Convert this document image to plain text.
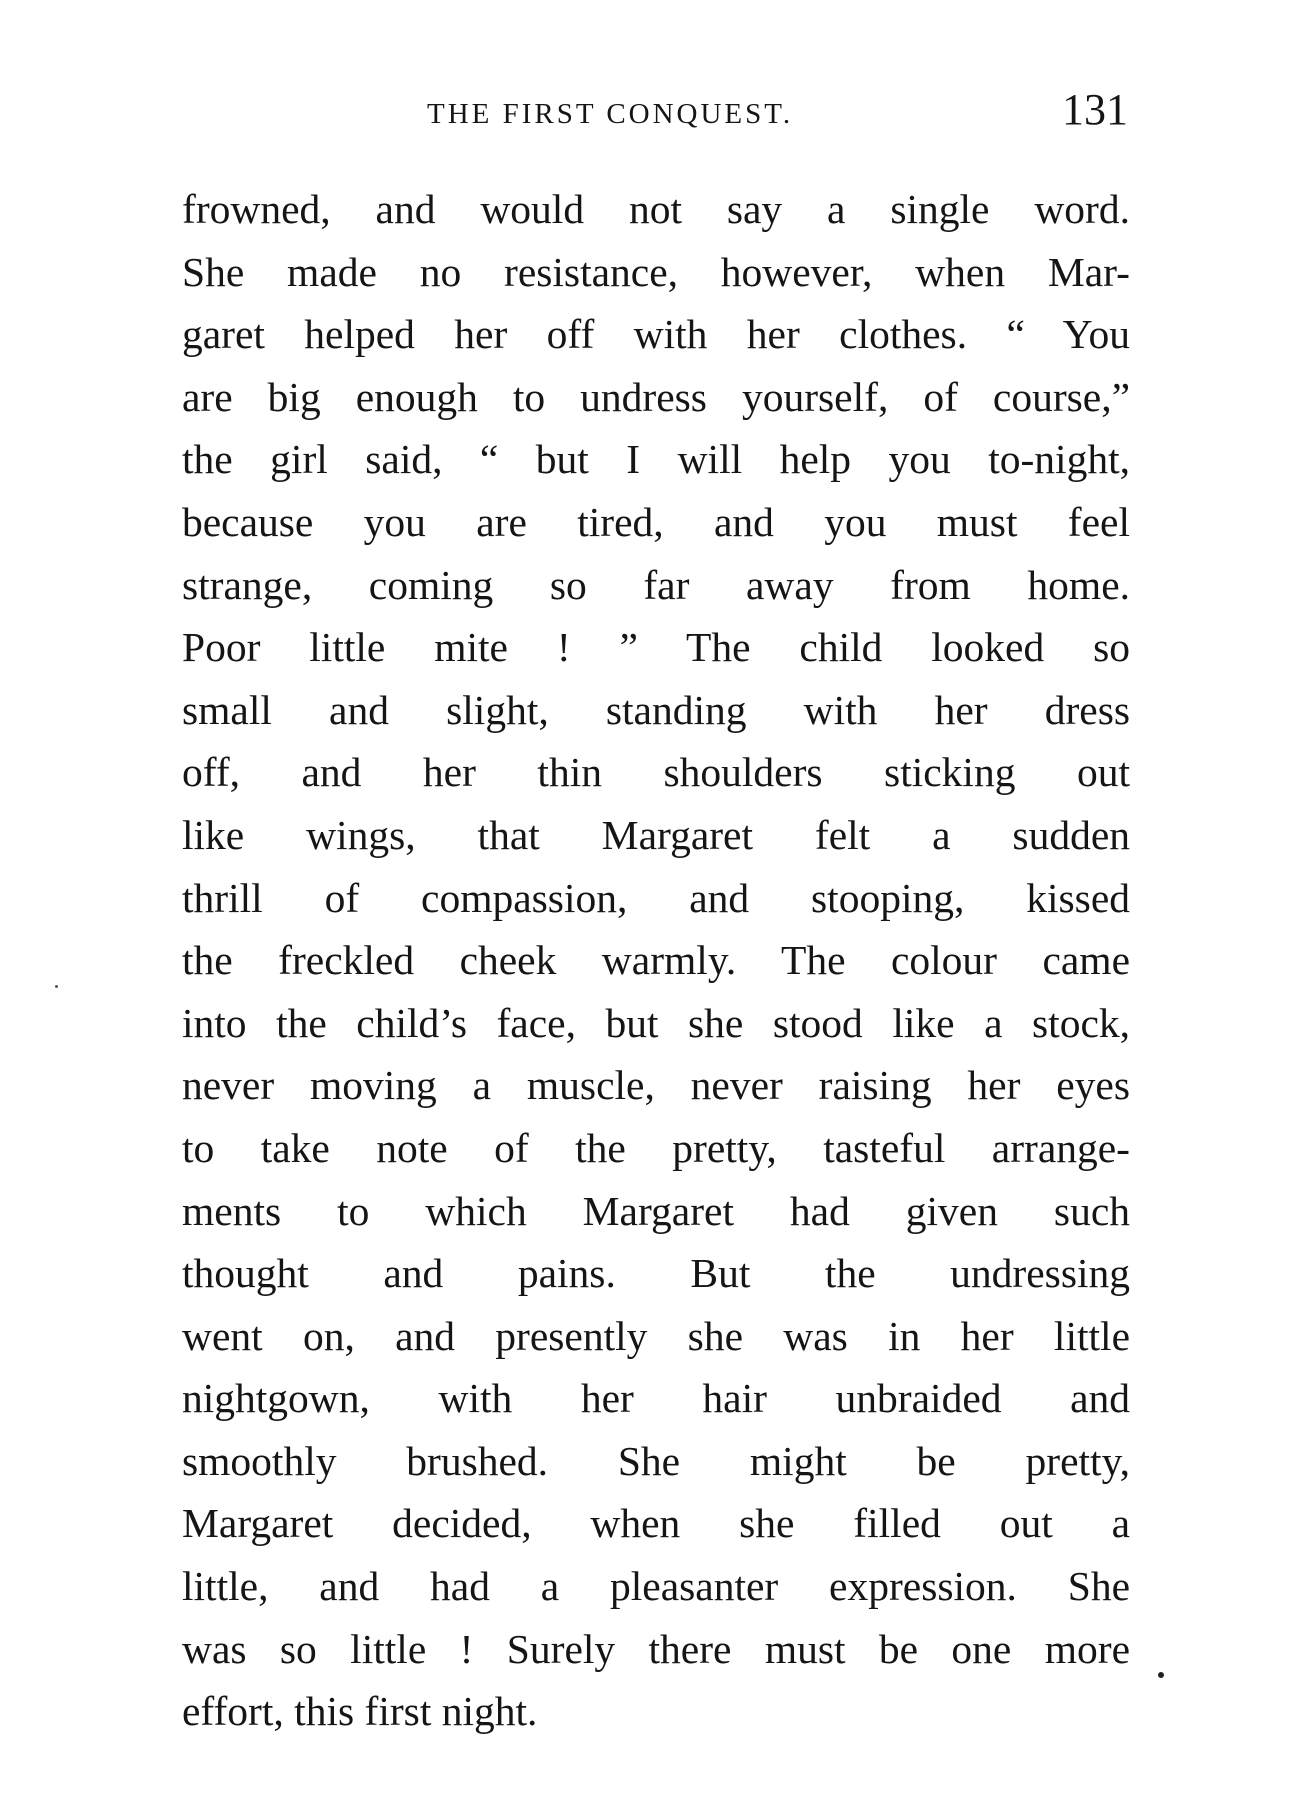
THE FIRST CONQUEST.	131
frowned, and would not say a single word.
She made no resistance, however, when Mar-
garet helped her off with her clothes. “ You
are big enough to undress yourself, of course,”
the girl said, “ but I will help you to-night,
because you are tired, and you must feel
strange, coming so far away from home.
Poor little mite ! ” The child looked so
small and slight, standing with her dress
off, and her thin shoulders sticking out
like wings, that Margaret felt a sudden
thrill of compassion, and stooping, kissed
the freckled cheek warmly. The colour came
into the child’s face, but she stood like a stock,
never moving a muscle, never raising her eyes
to take note of the pretty, tasteful arrange-
ments to which Margaret had given such
thought and pains. But the undressing
went on, and presently she was in her little
nightgown, with her hair unbraided and
smoothly brushed. She might be pretty,
Margaret decided, when she filled out a
little, and had a pleasanter expression. She
was so little ! Surely there must be one more
effort, this first night.
